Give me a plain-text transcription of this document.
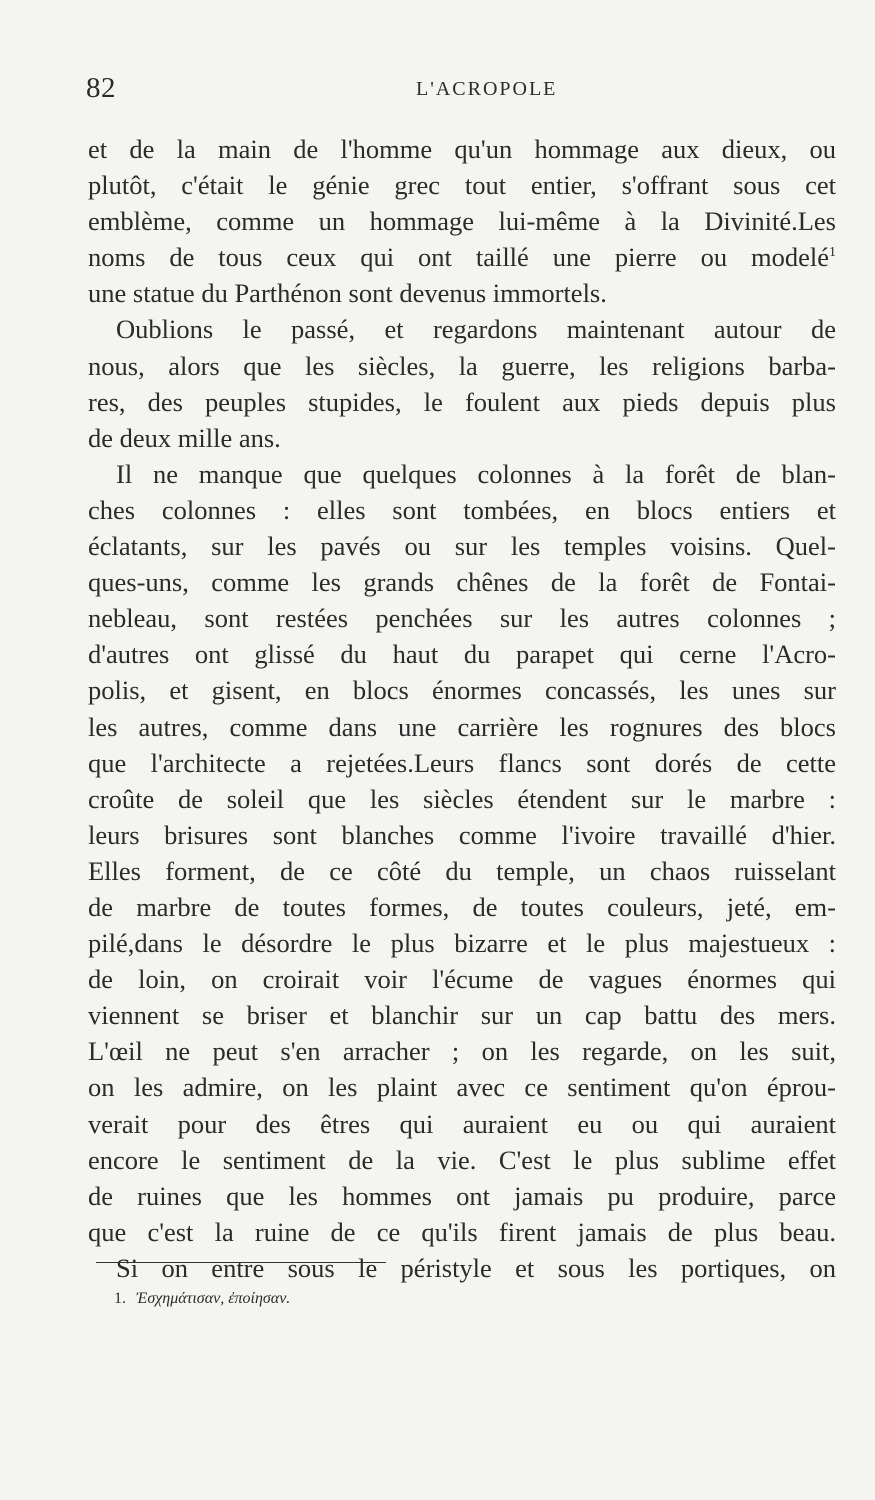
82	L'ACROPOLE
et de la main de l'homme qu'un hommage aux dieux, ou
plutôt, c'était le génie grec tout entier, s'offrant sous cet
emblème, comme un hommage lui-même à la Divinité.Les
noms de tous ceux qui ont taillé une pierre ou modelé$^1$
une statue du Parthénon sont devenus immortels.
Oublions le passé, et regardons maintenant autour de
nous, alors que les siècles, la guerre, les religions barba-
res, des peuples stupides, le foulent aux pieds depuis plus
de deux mille ans.
Il ne manque que quelques colonnes à la forêt de blan-
ches colonnes : elles sont tombées, en blocs entiers et
éclatants, sur les pavés ou sur les temples voisins. Quel-
ques-uns, comme les grands chênes de la forêt de Fontai-
nebleau, sont restées penchées sur les autres colonnes ;
d'autres ont glissé du haut du parapet qui cerne l'Acro-
polis, et gisent, en blocs énormes concassés, les unes sur
les autres, comme dans une carrière les rognures des blocs
que l'architecte a rejetées.Leurs flancs sont dorés de cette
croûte de soleil que les siècles étendent sur le marbre :
leurs brisures sont blanches comme l'ivoire travaillé d'hier.
Elles forment, de ce côté du temple, un chaos ruisselant
de marbre de toutes formes, de toutes couleurs, jeté, em-
pilé,dans le désordre le plus bizarre et le plus majestueux :
de loin, on croirait voir l'écume de vagues énormes qui
viennent se briser et blanchir sur un cap battu des mers.
L'œil ne peut s'en arracher ; on les regarde, on les suit,
on les admire, on les plaint avec ce sentiment qu'on éprou-
verait pour des êtres qui auraient eu ou qui auraient
encore le sentiment de la vie. C'est le plus sublime effet
de ruines que les hommes ont jamais pu produire, parce
que c'est la ruine de ce qu'ils firent jamais de plus beau.
Si on entre sous le péristyle et sous les portiques, on
1. Ἐσχημάτισαν, ἐποίησαν.
